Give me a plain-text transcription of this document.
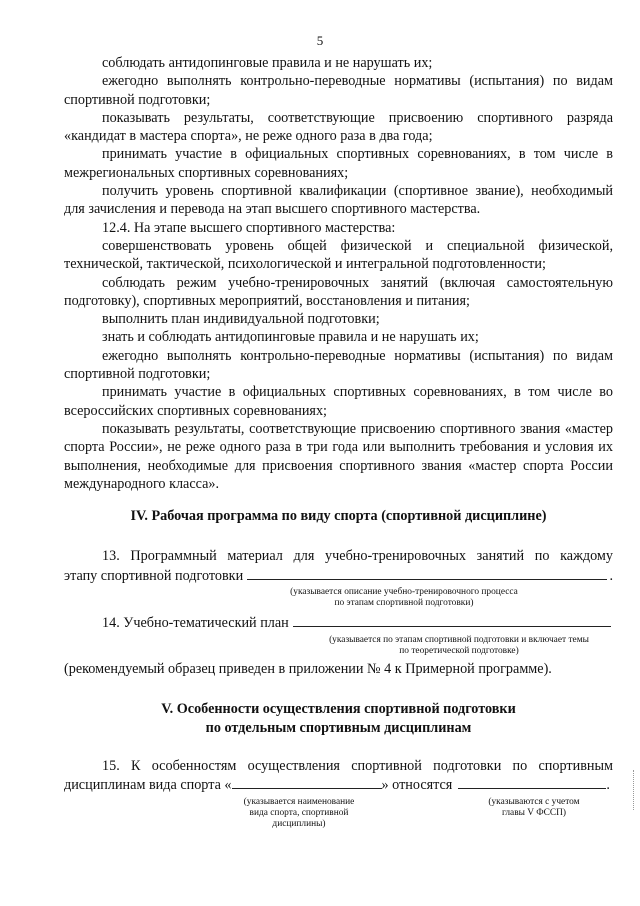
5

соблюдать антидопинговые правила и не нарушать их;

ежегодно выполнять контрольно-переводные нормативы (испытания) по видам спортивной подготовки;

показывать результаты, соответствующие присвоению спортивного разряда «кандидат в мастера спорта», не реже одного раза в два года;

принимать участие в официальных спортивных соревнованиях, в том числе в межрегиональных спортивных соревнованиях;

получить уровень спортивной квалификации (спортивное звание), необходимый для зачисления и перевода на этап высшего спортивного мастерства.

12.4. На этапе высшего спортивного мастерства:

совершенствовать уровень общей физической и специальной физической, технической, тактической, психологической и интегральной подготовленности;

соблюдать режим учебно-тренировочных занятий (включая самостоятельную подготовку), спортивных мероприятий, восстановления и питания;

выполнить план индивидуальной подготовки;

знать и соблюдать антидопинговые правила и не нарушать их;

ежегодно выполнять контрольно-переводные нормативы (испытания) по видам спортивной подготовки;

принимать участие в официальных спортивных соревнованиях, в том числе во всероссийских спортивных соревнованиях;

показывать результаты, соответствующие присвоению спортивного звания «мастер спорта России», не реже одного раза в три года или выполнить требования и условия их выполнения, необходимые для присвоения спортивного звания «мастер спорта России международного класса».

IV. Рабочая программа по виду спорта (спортивной дисциплине)

13. Программный материал для учебно-тренировочных занятий по каждому

этапу спортивной подготовки	.
(указывается описание учебно-тренировочного процесса
по этапам спортивной подготовки)
14. Учебно-тематический план
(указывается по этапам спортивной подготовки и включает темы
по теоретической подготовке)

(рекомендуемый образец приведен в приложении № 4 к Примерной программе).

V. Особенности осуществления спортивной подготовки
по отдельным спортивным дисциплинам

15. К особенностям осуществления спортивной подготовки по спортивным

дисциплинам вида спорта «	» относятся	.
(указывается наименование
вида спорта, спортивной
дисциплины)
(указываются с учетом
главы V ФССП)
